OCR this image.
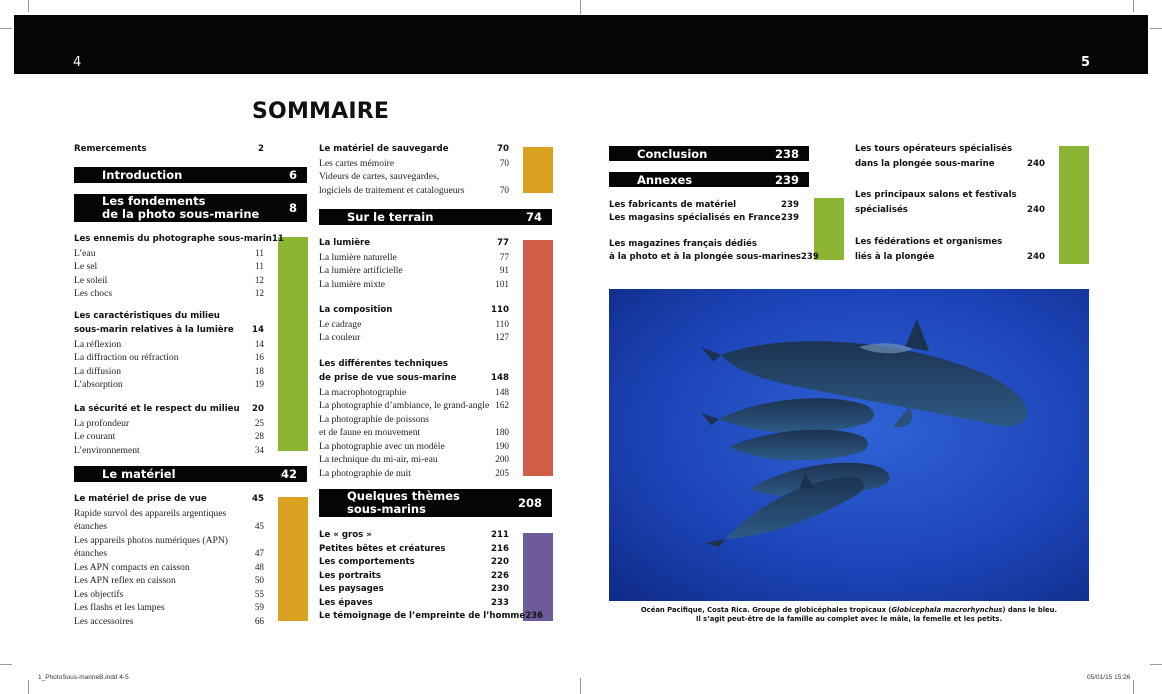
4	5
SOMMAIRE
Remercements	2
Introduction	6
Les fondements
de la photo sous-marine	8
Les ennemis du photographe sous-marin 11
L’eau	11
Le sel	11
Le soleil	12
Les chocs	12
Les caractéristiques du milieu
sous-marin relatives à la lumière 14
La réflexion	14
La diffraction ou réfraction	16
La diffusion	18
L’absorption	19
La sécurité et le respect du milieu 20
La profondeur	25
Le courant	28
L’environnement	34
Le matériel	42
Le matériel de prise de vue	45
Rapide survol des appareils argentiques
étanches	45
Les appareils photos numériques (APN)
étanches	47
Les APN compacts en caisson	48
Les APN reflex en caisson	50
Les objectifs	55
Les flashs et les lampes	59
Les accessoires	66
Le matériel de sauvegarde	70
Les cartes mémoire	70
Videurs de cartes, sauvegardes,
logiciels de traitement et catalogueurs	70
Sur le terrain	74
La lumière	77
La lumière naturelle	77
La lumière artificielle	91
La lumière mixte	101
La composition	110
Le cadrage	110
La couleur	127
Les différentes techniques
de prise de vue sous-marine	148
La macrophotographie	148
La photographie d’ambiance, le grand-angle 162
La photographie de poissons
et de faune en mouvement	180
La photographie avec un modèle	190
La technique du mi-air, mi-eau	200
La photographie de nuit	205
Quelques thèmes
sous-marins	208
Le « gros »	211
Petites bêtes et créatures	216
Les comportements	220
Les portraits	226
Les paysages	230
Les épaves	233
Le témoignage de l’empreinte de l’homme 236
Conclusion	238
Annexes	239
Les fabricants de matériel	239
Les magasins spécialisés en France 239
Les magazines français dédiés
à la photo et à la plongée sous-marines 239
Les tours opérateurs spécialisés
dans la plongée sous-marine	240
Les principaux salons et festivals
spécialisés	240
Les fédérations et organismes
liés à la plongée	240
Océan Pacifique, Costa Rica. Groupe de globicéphales tropicaux (Globicephala macrorhynchus) dans le bleu.
Il s’agit peut-être de la famille au complet avec le mâle, la femelle et les petits.
1_PhotoSous-marineB.indd 4-5	05/01/15 15:26
